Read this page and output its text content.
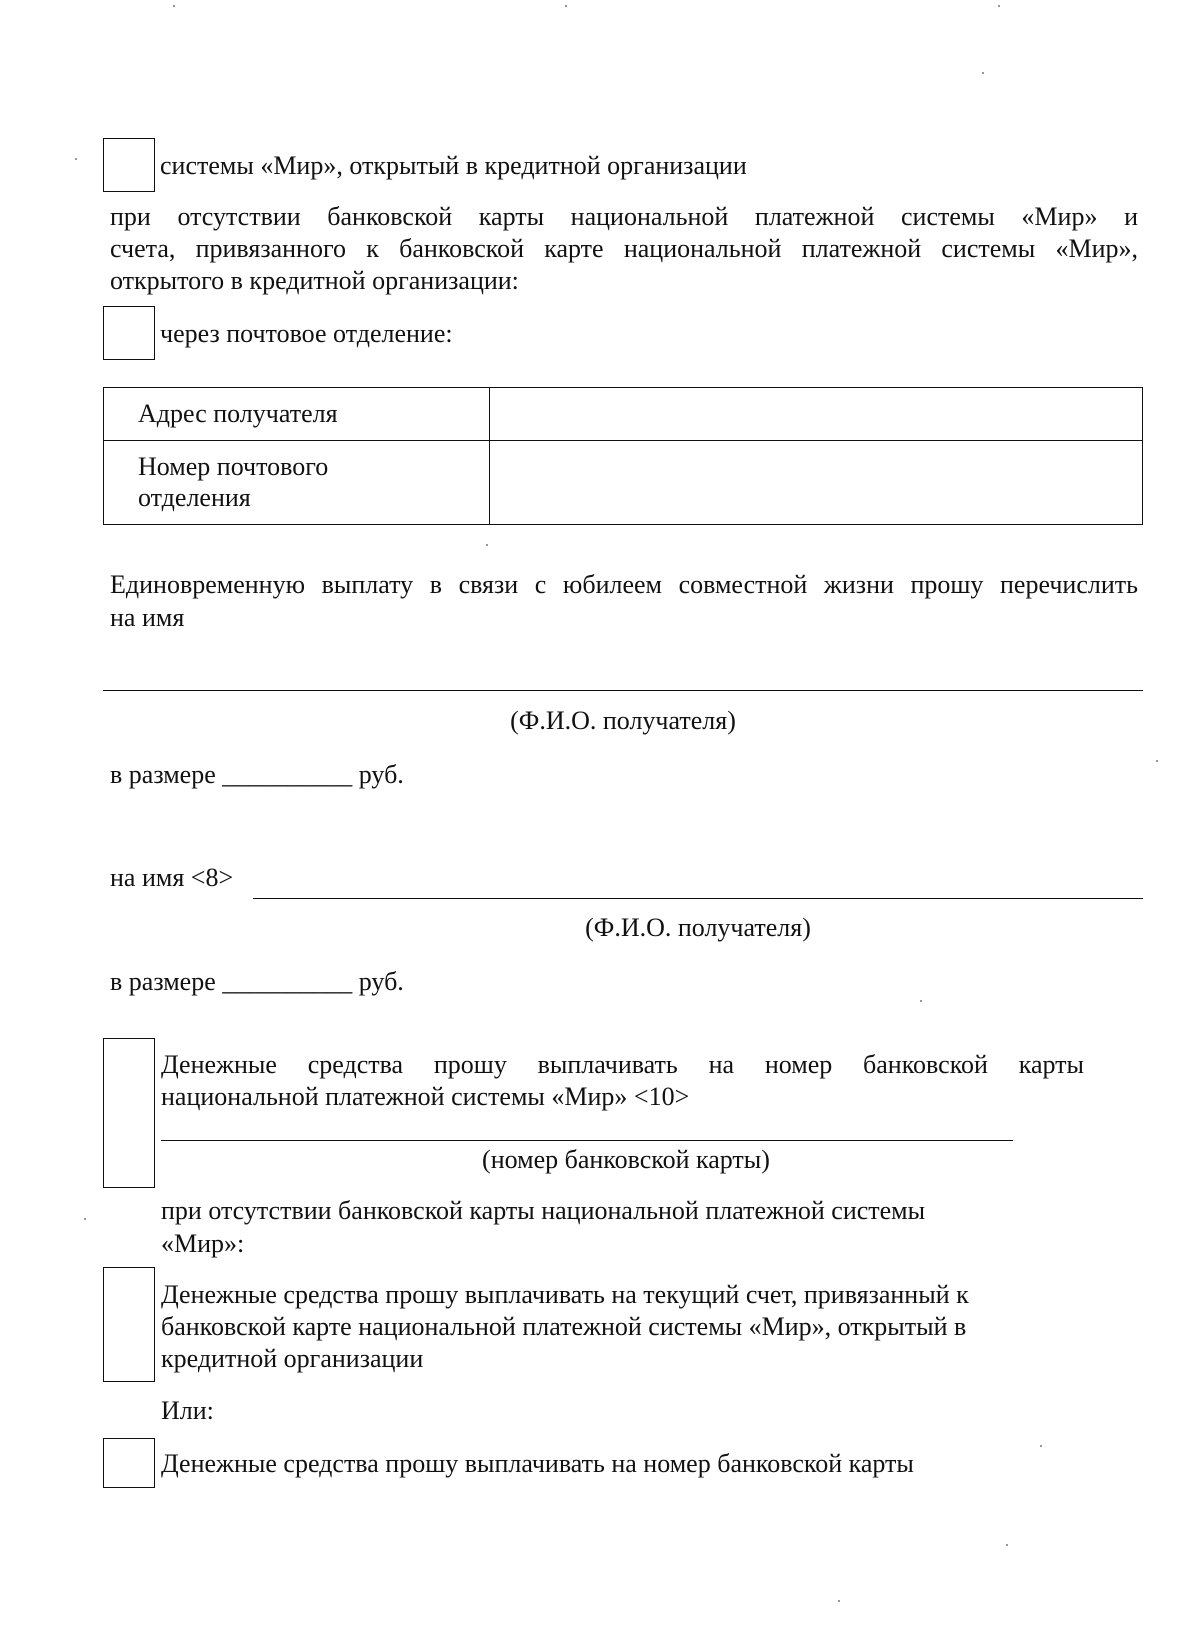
системы «Мир», открытый в кредитной организации
при отсутствии банковской карты национальной платежной системы «Мир» и
счета, привязанного к банковской карте национальной платежной системы «Мир»,
открытого в кредитной организации:
через почтовое отделение:
Адрес получателя	

Номер почтового
отделения	

Единовременную выплату в связи с юбилеем совместной жизни прошу перечислить
на имя
(Ф.И.О. получателя)
в размере __________ руб.
на имя <8>
(Ф.И.О. получателя)
в размере __________ руб.
Денежные средства прошу выплачивать на номер банковской карты
национальной платежной системы «Мир» <10>
(номер банковской карты)
при отсутствии банковской карты национальной платежной системы
«Мир»:
Денежные средства прошу выплачивать на текущий счет, привязанный к
банковской карте национальной платежной системы «Мир», открытый в
кредитной организации
Или:
Денежные средства прошу выплачивать на номер банковской карты
